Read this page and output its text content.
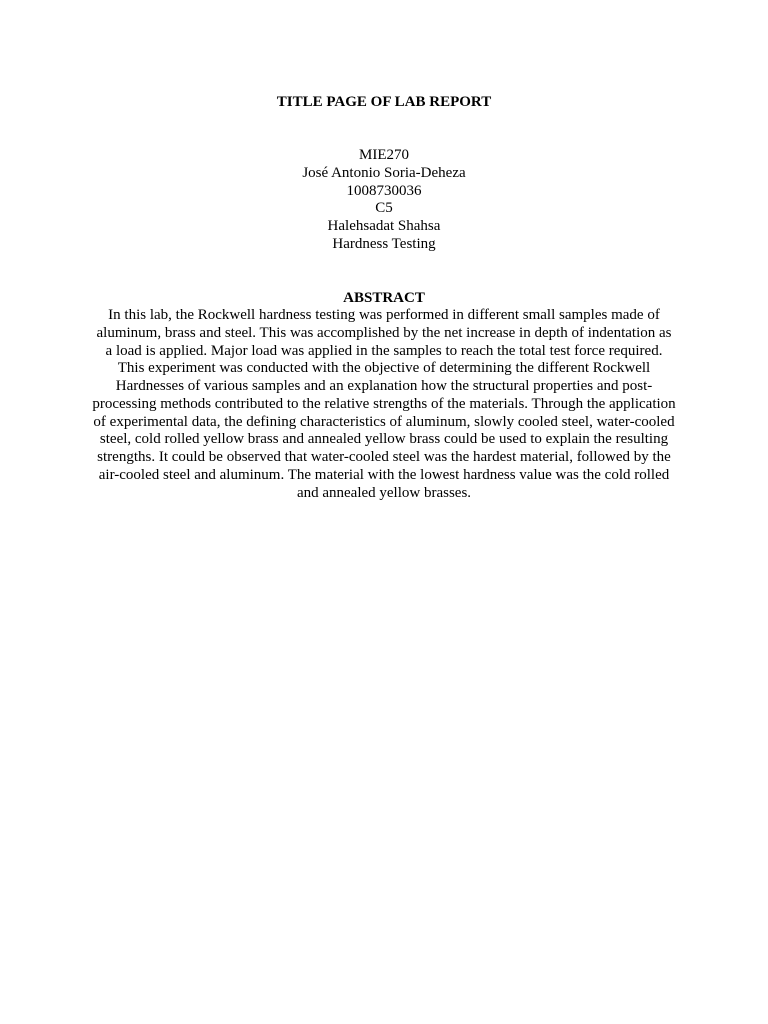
TITLE PAGE OF LAB REPORT
MIE270
José Antonio Soria-Deheza
1008730036
C5
Halehsadat Shahsa
Hardness Testing
ABSTRACT
In this lab, the Rockwell hardness testing was performed in different small samples made of
aluminum, brass and steel. This was accomplished by the net increase in depth of indentation as
a load is applied. Major load was applied in the samples to reach the total test force required.
This experiment was conducted with the objective of determining the different Rockwell
Hardnesses of various samples and an explanation how the structural properties and post-
processing methods contributed to the relative strengths of the materials. Through the application
of experimental data, the defining characteristics of aluminum, slowly cooled steel, water-cooled
steel, cold rolled yellow brass and annealed yellow brass could be used to explain the resulting
strengths. It could be observed that water-cooled steel was the hardest material, followed by the
air-cooled steel and aluminum. The material with the lowest hardness value was the cold rolled
and annealed yellow brasses.
